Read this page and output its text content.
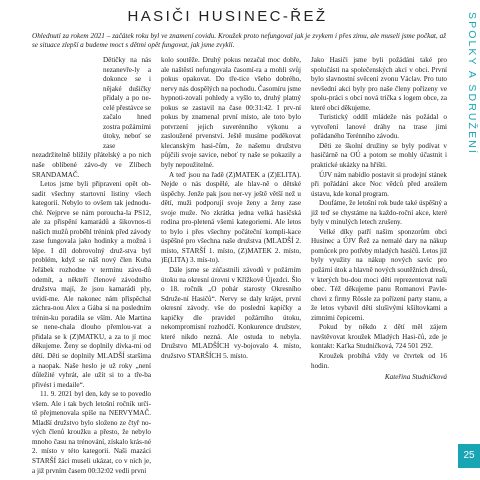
HASIČI HUSINEC-ŘEŽ
Ohlednutí za rokem 2021 – začátek roku byl ve znamení covidu. Kroužek proto nefungoval jak je zvykem i přes zimu, ale museli jsme počkat, až se situace zlepší a budeme moct s dětmi opět fungovat, jak jsme zvyklí.

Dětičky na nás nezanevře-ly a dokonce se i nějaké dušičky přidaly a po ne-celé přestávce se začalo hned zostra požárními útoky, neboť se zase nezadržitelně blížily přátelský a po nich naše oblíbené závo-dy ve Zlíbech SRANDAMAČ.

Letos jsme byli připraveni opět ob-sadit všechny startovní listiny všech kategorií. Nebylo to ovšem tak jednodu-ché. Nejprve se nám poroucha-la PS12, ale za přispění kamarádů a šikovnos-ti našich mužů proběhl trénink před závody zase fungovala jako hodinky a možná i lépe. I díl dobrovolný druž-stva byl problém, když se náš nový člen Kuba Jeřábek rozhodne v termínu závo-dů odemít, a někteří členové závodního družstva mají, že jsou kamarádi ply, uvidí-me. Ale nakonec nám přispěchal záchra-nou Alex a Gába si na posledním trénin-ku poradila se vším. Ale Martina se nene-chala dlouho přemlou-vat a přidala se k (Z)MATKU, a za to jí moc děkujeme. Ženy se doplnily dívka-mi od dětí. Děti se doplnily MLADŠÍ staršíma a naopak. Naše heslo je už roky „není důležité vyhrát, ale užít si to a tře-ba přivést i medaile“.

11. 9. 2021 byl den, kdy se to povedlo všem. Ale i tak bych letošní ročník urči-tě přejmenovala spíše na NERVYMAČ. Mladší družstvo bylo složeno ze čtyř no-vých členů kroužku a přesto, že nebylo mnoho času na trénování, získalo krás-né 2. místo v této kategorii. Naši mazáci STARŠÍ žáci museli ukázat, co v nich je, a již prvním časem 00:32:02 vedli první

kolo soutěže. Druhý pokus nezačal moc dobře, ale naštěstí nefungovala časomí-ra a mohli svůj pokus opakovat. Do tře-tice všeho dobrého, nervy nás dospělých na pochodu. Časomíru jsme hypnoti-zovali pohledy a vyšlo to, druhý platný pokus se zastavil na čase 00:31:42. I prv-ní pokus by znamenal první místo, ale toto bylo potvrzení jejich suverénního výkonu a zasloužené prvenství. Ještě musíme poděkovat klecanským hasi-čům, že našemu družstvu půjčili svoje savice, neboť ty naše se pokazily a byly nepoužitelné.

A teď jsou na řadě (Z)MATEK a (Z)ELITA). Nejde o nás dospělé, ale hlav-ně o dětské úspěchy. Jenže pak jsou ner-vy ještě větší než u dětí, muži podporují svoje ženy a ženy zase svoje muže. No zkrátka jedna velká hasičská rodina pro-pletená všemi kategoriemi. Ale letos to bylo i přes všechny počáteční kompli-kace úspěšné pro všechna naše družstva (MLADŠÍ 2. místo, STARŠÍ 1. místo, (Z)MATEK 2. místo, )E(LITA) 3. mís-to).

Dále jsme se zúčastnili závodů v požárním útoku na okresní úrovni v Křížkově Újezdci. Šlo o 18. ročník „O pohár starosty Okresního Sdruže-ní Hasičů“. Nervy se daly krájet, první okresní závody. vše do poslední kapičky a kapičky dle pravidel požárního útoku, nekompromisní rozhodčí. Konkurence družstev, které nikdo nezná. Ale ostuda to nebyla. Družstvo MLADŠÍCH vy-bojovalo 4. místo, družstvo STARŠÍCH 5. místo.

Jako Hasiči jsme byli požádáni také pro spolučásti na společenských akcí v obci. První bylo slavnostní svěcení zvonu Václav. Pro tuto nevšední akci byly pro naše členy pořízeny ve spolu-práci s obcí nová trička s logem obce, za které obci děkujeme.

Turistický oddíl mládeže nás požádal o vytvoření lanové dráhy na trase jimi pořádaného Terénního závodu.

Děti ze školní družiny se byly podívat v hasičárně na OÚ a potom se mohly účastnit i praktické ukázky na hřišti.

ÚJV nám nabídlo postavit si prodejní stánek při pořádání akce Noc vědců před areálem ústavu, kde konal program.

Doufáme, že letošní rok bude také úspěšný a již teď se chystáme na každo-roční akce, které byly v minulých letech zrušeny.

Velké díky patří našim sponzorům obci Husinec a ÚJV Řež za nemalé dary na nákup pomůcek pro potřeby mladých hasičů. Letos již byly využity na nákup nových savic pro požární útok a hlavně nových soutěžních dresů, v kterých bu-dou moci děti reprezentovat naši obec. Též děkujeme panu Romanovi Pavle-chovi z firmy Rössle za pořízení party stanu, a že letos vybavil děti slušivými kšiltovkami a zimními čepicemi.

Pokud by někdo z dětí měl zájem navštěvovat kroužek Mladých Hasi-čů, zde je kontakt: Kaťka Studničková, 724 501 292.

Kroužek probíhá vždy ve čtvrtek od 16 hodin.

Kateřina Studničková
SPOLKY A SDRUŽENÍ
25
